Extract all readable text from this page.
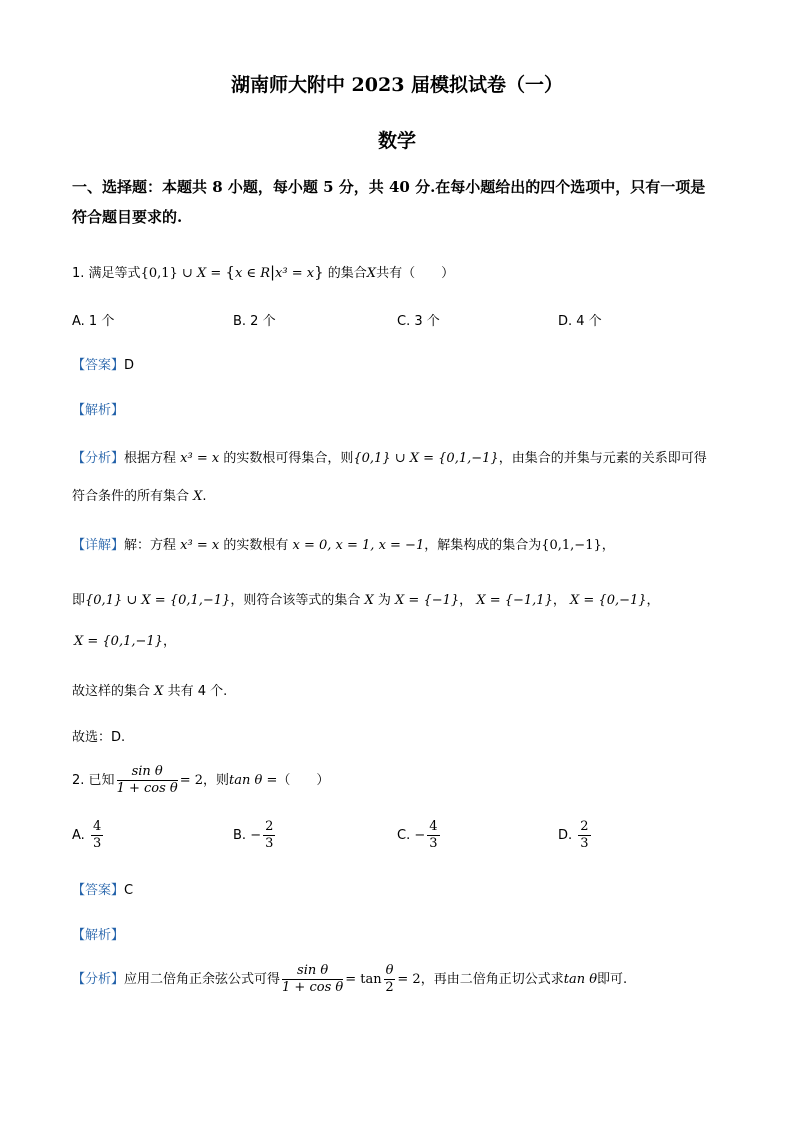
湖南师大附中 2023 届模拟试卷（一）
数学
一、选择题：本题共 8 小题，每小题 5 分，共 40 分.在每小题给出的四个选项中，只有一项是
符合题目要求的.
1. 满足等式{0,1} ∪ X = {x ∈ R|x³ = x} 的集合X共有（　　）
A. 1 个	B. 2 个	C. 3 个	D. 4 个
【答案】D
【解析】
【分析】根据方程 x³ = x 的实数根可得集合，则{0,1} ∪ X = {0,1,−1}，由集合的并集与元素的关系即可得
符合条件的所有集合 X.
【详解】解：方程 x³ = x 的实数根有 x = 0, x = 1, x = −1，解集构成的集合为{0,1,−1}，
即{0,1} ∪ X = {0,1,−1}，则符合该等式的集合 X 为 X = {−1}， X = {−1,1}， X = {0,−1}，
X = {0,1,−1}，
故这样的集合 X 共有 4 个.
故选：D.
2. 已知 $\frac{\text{sin θ}}{\text{1 + cos θ}} = 2$，则tan θ =（　　）
A. $\frac{4}{3}$	B. − $\frac{2}{3}$	C. − $\frac{4}{3}$	D. $\frac{2}{3}$
【答案】C
【解析】
【分析】应用二倍角正余弦公式可得 $\frac{\text{sin θ}}{\text{1 + cos θ}} = \tan \frac{\theta}{2} = 2$，再由二倍角正切公式求tan θ即可.
